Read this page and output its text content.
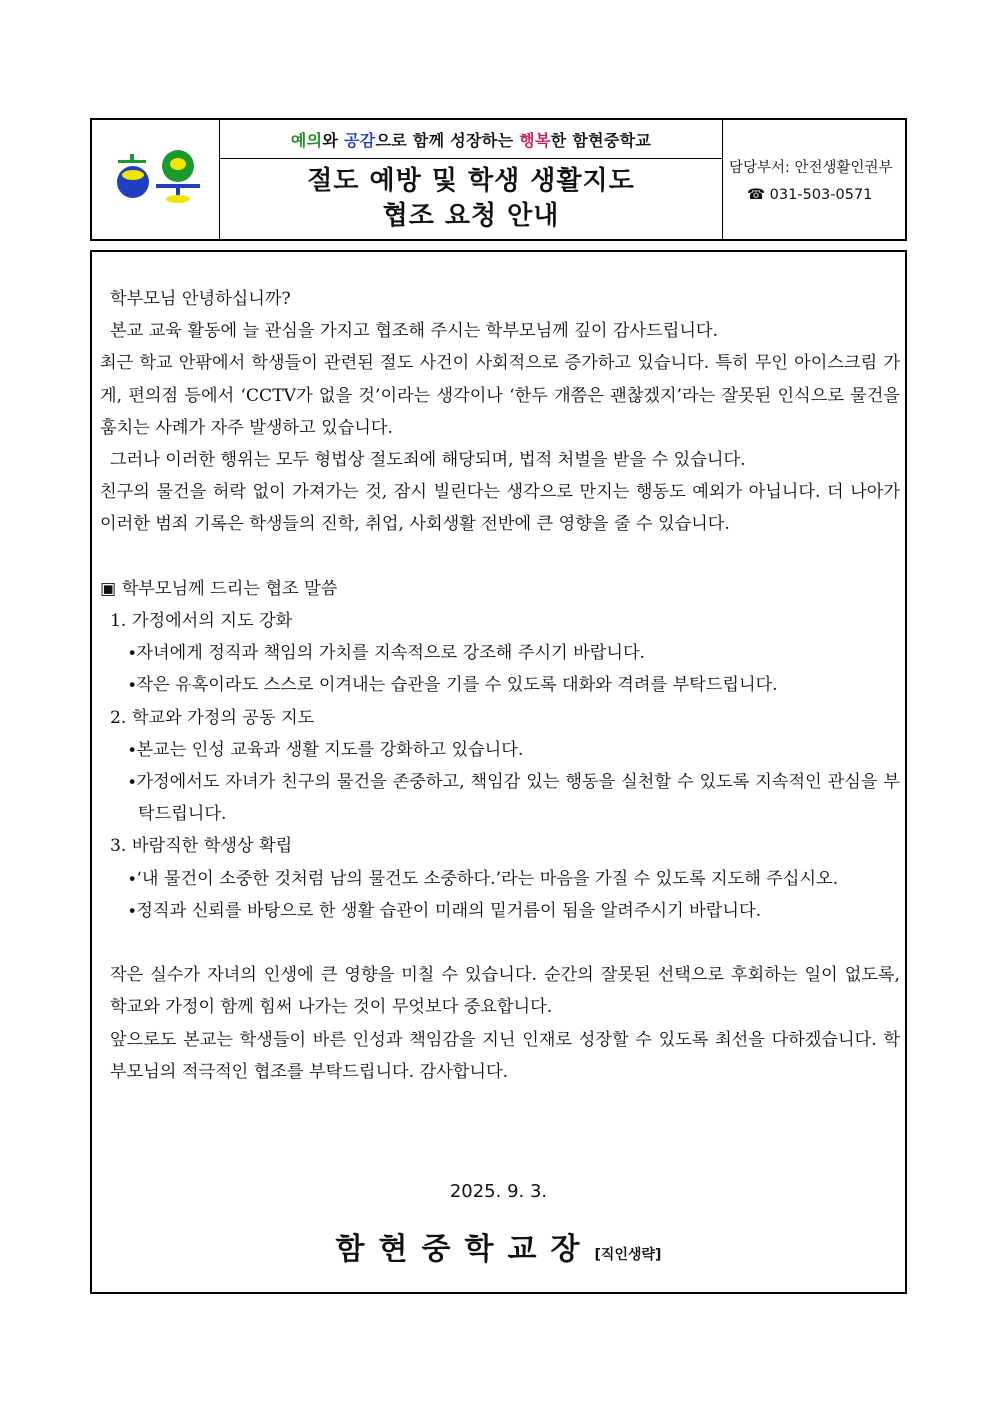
예의 와 공감 으로 함께 성장하는 행복 한 함현중학교
절도 예방 및 학생 생활지도
협조 요청 안내
담당부서: 안전생활인권부
☎ 031-503-0571
학부모님 안녕하십니까?
본교 교육 활동에 늘 관심을 가지고 협조해 주시는 학부모님께 깊이 감사드립니다.
최근 학교 안팎에서 학생들이 관련된 절도 사건이 사회적으로 증가하고 있습니다. 특히 무인 아이스크림 가게, 편의점 등에서 ‘CCTV가 없을 것’이라는 생각이나 ‘한두 개쯤은 괜찮겠지’라는 잘못된 인식으로 물건을 훔치는 사례가 자주 발생하고 있습니다.
그러나 이러한 행위는 모두 형법상 절도죄에 해당되며, 법적 처벌을 받을 수 있습니다.
친구의 물건을 허락 없이 가져가는 것, 잠시 빌린다는 생각으로 만지는 행동도 예외가 아닙니다. 더 나아가 이러한 범죄 기록은 학생들의 진학, 취업, 사회생활 전반에 큰 영향을 줄 수 있습니다.
▣ 학부모님께 드리는 협조 말씀
1. 가정에서의 지도 강화
∙자녀에게 정직과 책임의 가치를 지속적으로 강조해 주시기 바랍니다.
∙작은 유혹이라도 스스로 이겨내는 습관을 기를 수 있도록 대화와 격려를 부탁드립니다.
2. 학교와 가정의 공동 지도
∙본교는 인성 교육과 생활 지도를 강화하고 있습니다.
∙가정에서도 자녀가 친구의 물건을 존중하고, 책임감 있는 행동을 실천할 수 있도록 지속적인 관심을 부탁드립니다.
3. 바람직한 학생상 확립
∙‘내 물건이 소중한 것처럼 남의 물건도 소중하다.’라는 마음을 가질 수 있도록 지도해 주십시오.
∙정직과 신뢰를 바탕으로 한 생활 습관이 미래의 밑거름이 됨을 알려주시기 바랍니다.
작은 실수가 자녀의 인생에 큰 영향을 미칠 수 있습니다. 순간의 잘못된 선택으로 후회하는 일이 없도록, 학교와 가정이 함께 힘써 나가는 것이 무엇보다 중요합니다.
앞으로도 본교는 학생들이 바른 인성과 책임감을 지닌 인재로 성장할 수 있도록 최선을 다하겠습니다. 학부모님의 적극적인 협조를 부탁드립니다. 감사합니다.
2025. 9. 3.
함현중학교장 [직인생략]
